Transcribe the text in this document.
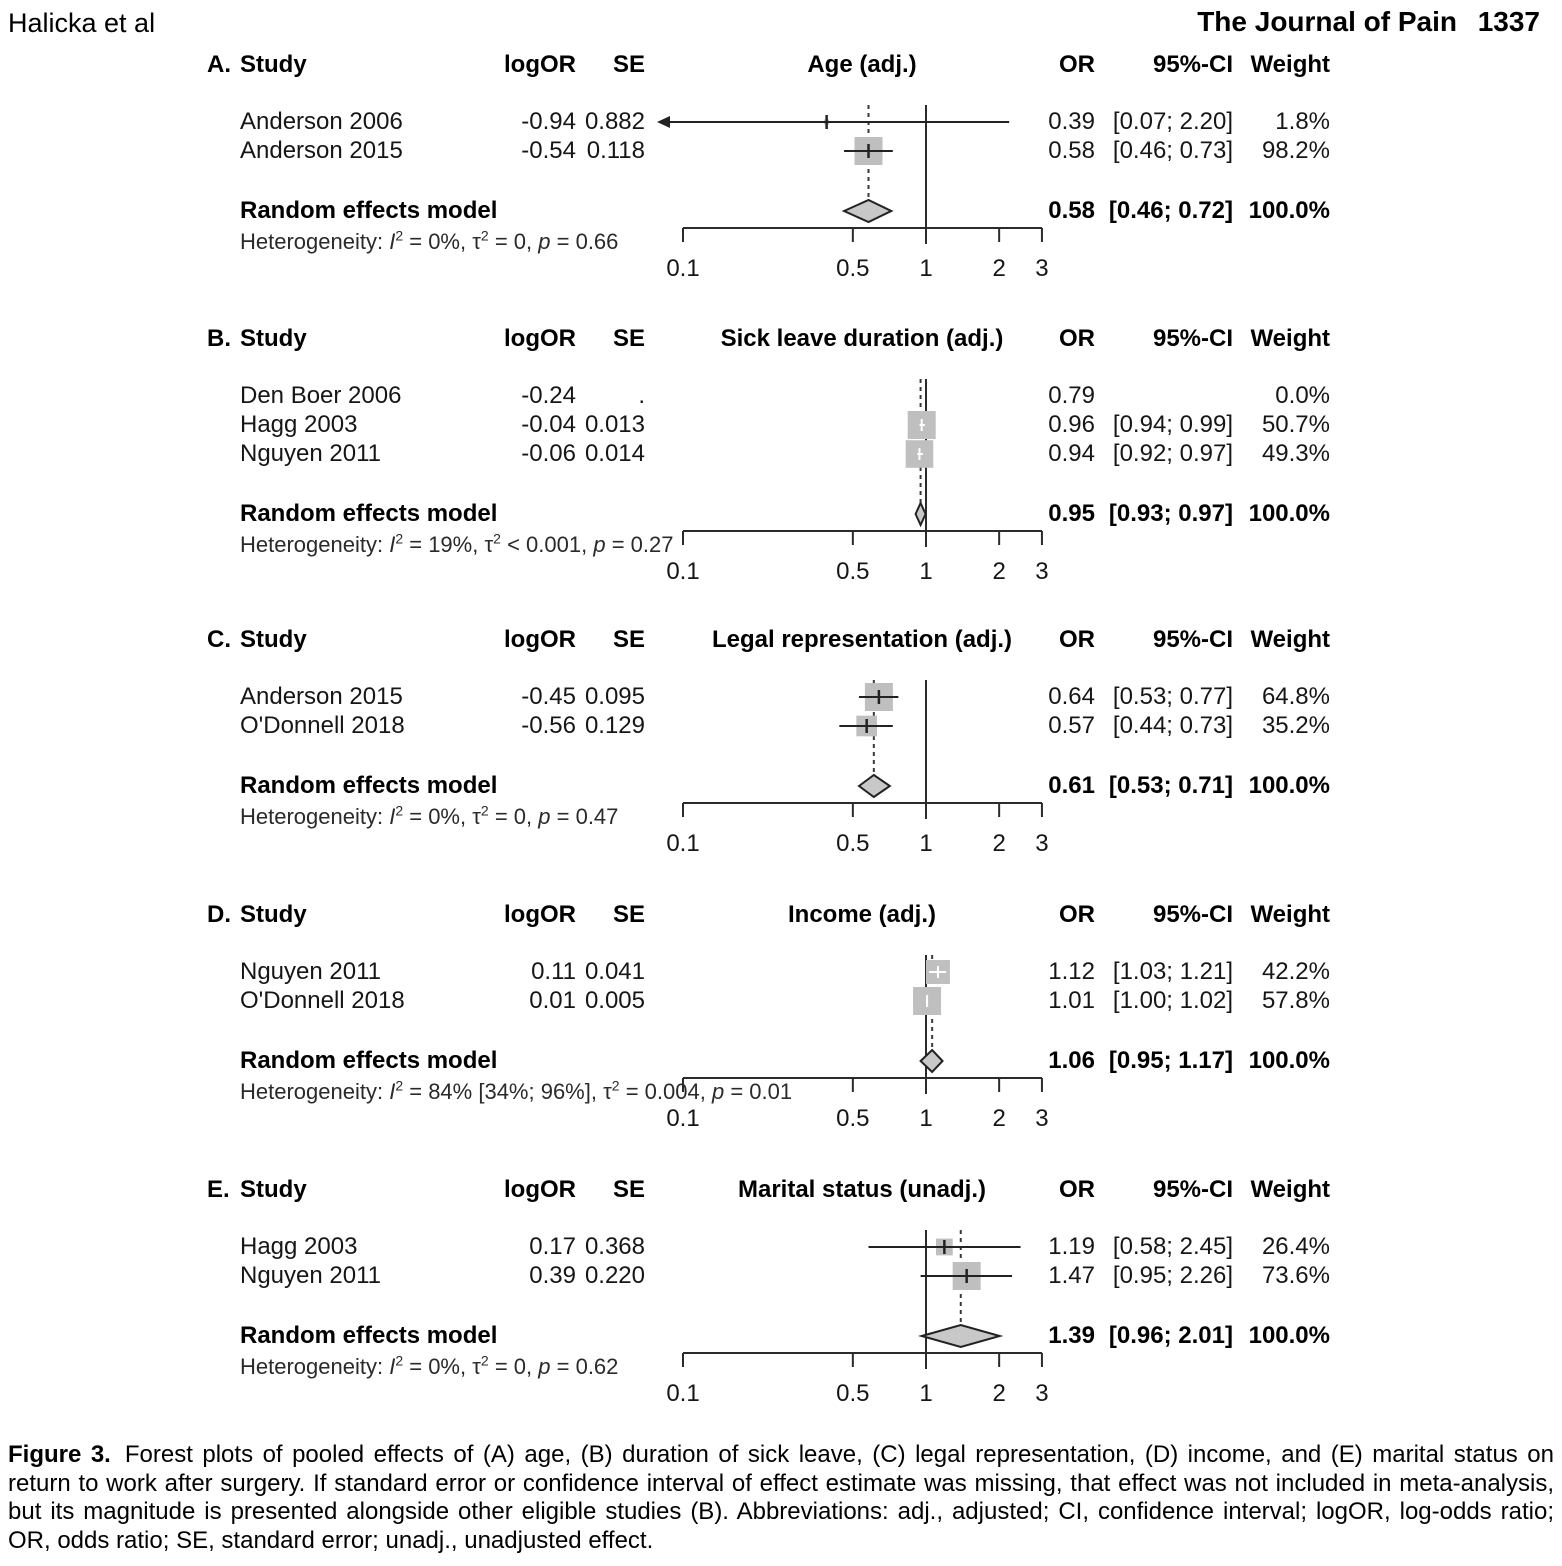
Halicka et al	The Journal of Pain 1337
0.1	0.5 1 2 3
0.1	0.5 1 2 3
0.1	0.5 1 2 3
0.1	0.5 1 2 3
0.1	0.5 1 2 3
A. Study	logOR SE	Age (adj.)	OR 95%-CI Weight
Anderson 2006	-0.94 0.882	0.39 [0.07; 2.20] 1.8%
Anderson 2015	-0.54 0.118	0.58 [0.46; 0.73] 98.2%
Random effects model	0.58 [0.46; 0.72] 100.0%
Heterogeneity: $I^2 = 0\%$, $\tau^2 = 0$, p = 0.66
B. Study	logOR SE	Sick leave duration (adj.) OR 95%-CI Weight
Den Boer 2006	-0.24	.	0.79	0.0%
Hagg 2003	-0.04 0.013	0.96 [0.94; 0.99] 50.7%
Nguyen 2011	-0.06 0.014	0.94 [0.92; 0.97] 49.3%
Random effects model	0.95 [0.93; 0.97] 100.0%
Heterogeneity: $I^2 = 19\%$, $\tau^2 < 0.001$, p = 0.27
C. Study	logOR SE	Legal representation (adj.) OR 95%-CI Weight
Anderson 2015	-0.45 0.095	0.64 [0.53; 0.77] 64.8%
O'Donnell 2018	-0.56 0.129	0.57 [0.44; 0.73] 35.2%
Random effects model	0.61 [0.53; 0.71] 100.0%
Heterogeneity: $I^2 = 0\%$, $\tau^2 = 0$, p = 0.47
D. Study	logOR SE	Income (adj.)	OR 95%-CI Weight
Nguyen 2011	0.11 0.041	1.12 [1.03; 1.21] 42.2%
O'Donnell 2018	0.01 0.005	1.01 [1.00; 1.02] 57.8%
Random effects model	1.06 [0.95; 1.17] 100.0%
Heterogeneity: $I^2 = 84\%$ [34%; 96%], $\tau^2 = 0.004$, p = 0.01
E. Study	logOR SE	Marital status (unadj.)	OR 95%-CI Weight
Hagg 2003	0.17 0.368	1.19 [0.58; 2.45] 26.4%
Nguyen 2011	0.39 0.220	1.47 [0.95; 2.26] 73.6%
Random effects model	1.39 [0.96; 2.01] 100.0%
Heterogeneity: $I^2 = 0\%$, $\tau^2 = 0$, p = 0.62
Figure 3. Forest plots of pooled effects of (A) age, (B) duration of sick leave, (C) legal representation, (D) income, and (E) marital status on return to work after surgery. If standard error or confidence interval of effect estimate was missing, that effect was not included in meta-analysis, but its magnitude is presented alongside other eligible studies (B). Abbreviations: adj., adjusted; CI, confidence interval; logOR, log-odds ratio; OR, odds ratio; SE, standard error; unadj., unadjusted effect.
